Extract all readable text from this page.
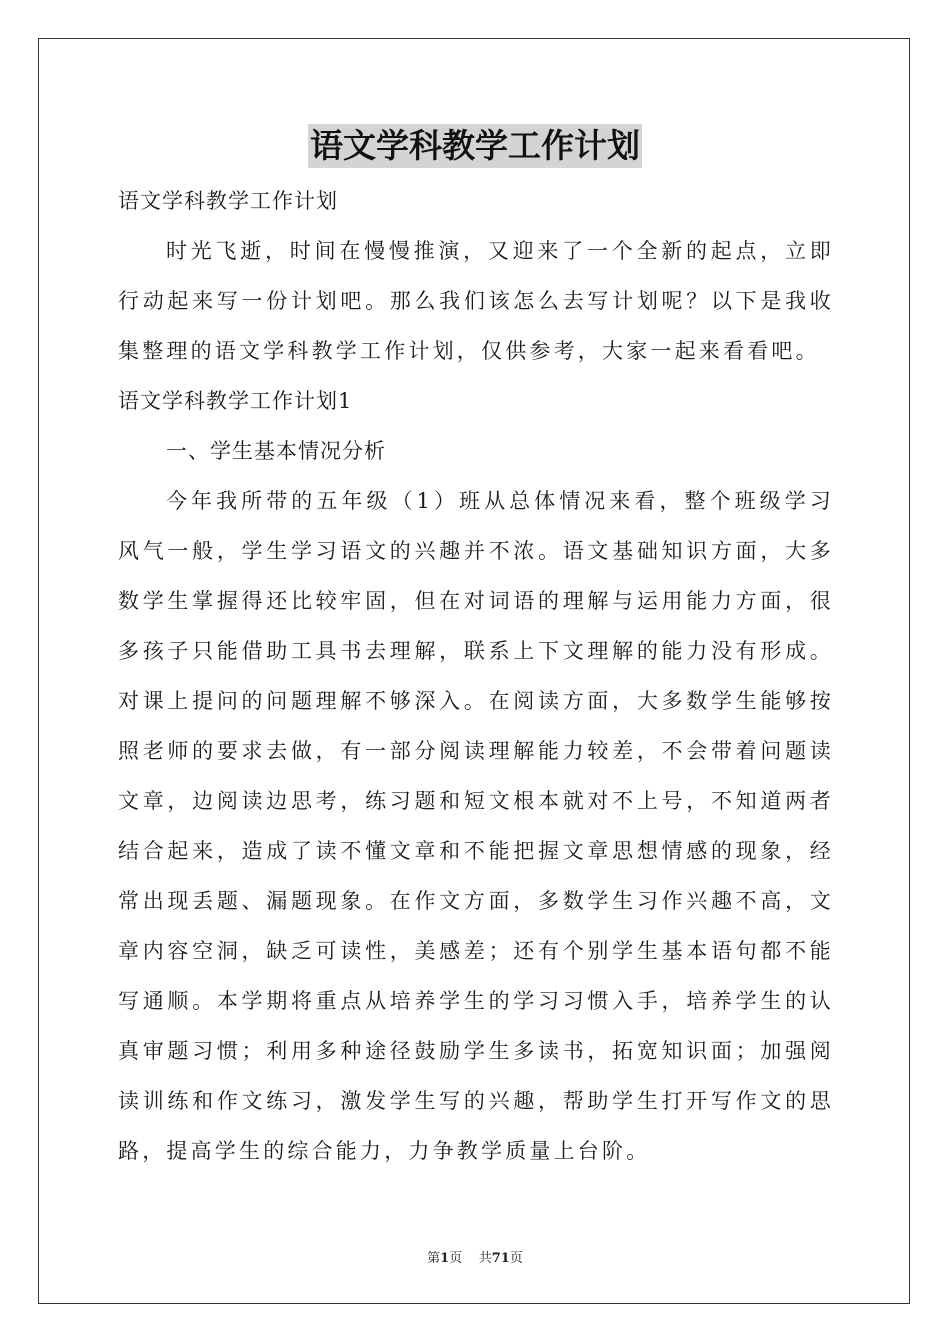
语文学科教学工作计划
语文学科教学工作计划

时光飞逝，时间在慢慢推演，又迎来了一个全新的起点，立即行动起来写一份计划吧。那么我们该怎么去写计划呢？以下是我收集整理的语文学科教学工作计划，仅供参考，大家一起来看看吧。

语文学科教学工作计划1
一、学生基本情况分析

今年我所带的五年级（1）班从总体情况来看，整个班级学习风气一般，学生学习语文的兴趣并不浓。语文基础知识方面，大多数学生掌握得还比较牢固，但在对词语的理解与运用能力方面，很多孩子只能借助工具书去理解，联系上下文理解的能力没有形成。对课上提问的问题理解不够深入。在阅读方面，大多数学生能够按照老师的要求去做，有一部分阅读理解能力较差，不会带着问题读文章，边阅读边思考，练习题和短文根本就对不上号，不知道两者结合起来，造成了读不懂文章和不能把握文章思想情感的现象，经常出现丢题、漏题现象。在作文方面，多数学生习作兴趣不高，文章内容空洞，缺乏可读性，美感差；还有个别学生基本语句都不能写通顺。本学期将重点从培养学生的学习习惯入手，培养学生的认真审题习惯；利用多种途径鼓励学生多读书，拓宽知识面；加强阅读训练和作文练习，激发学生写的兴趣，帮助学生打开写作文的思路，提高学生的综合能力，力争教学质量上台阶。

第1页 共71页
